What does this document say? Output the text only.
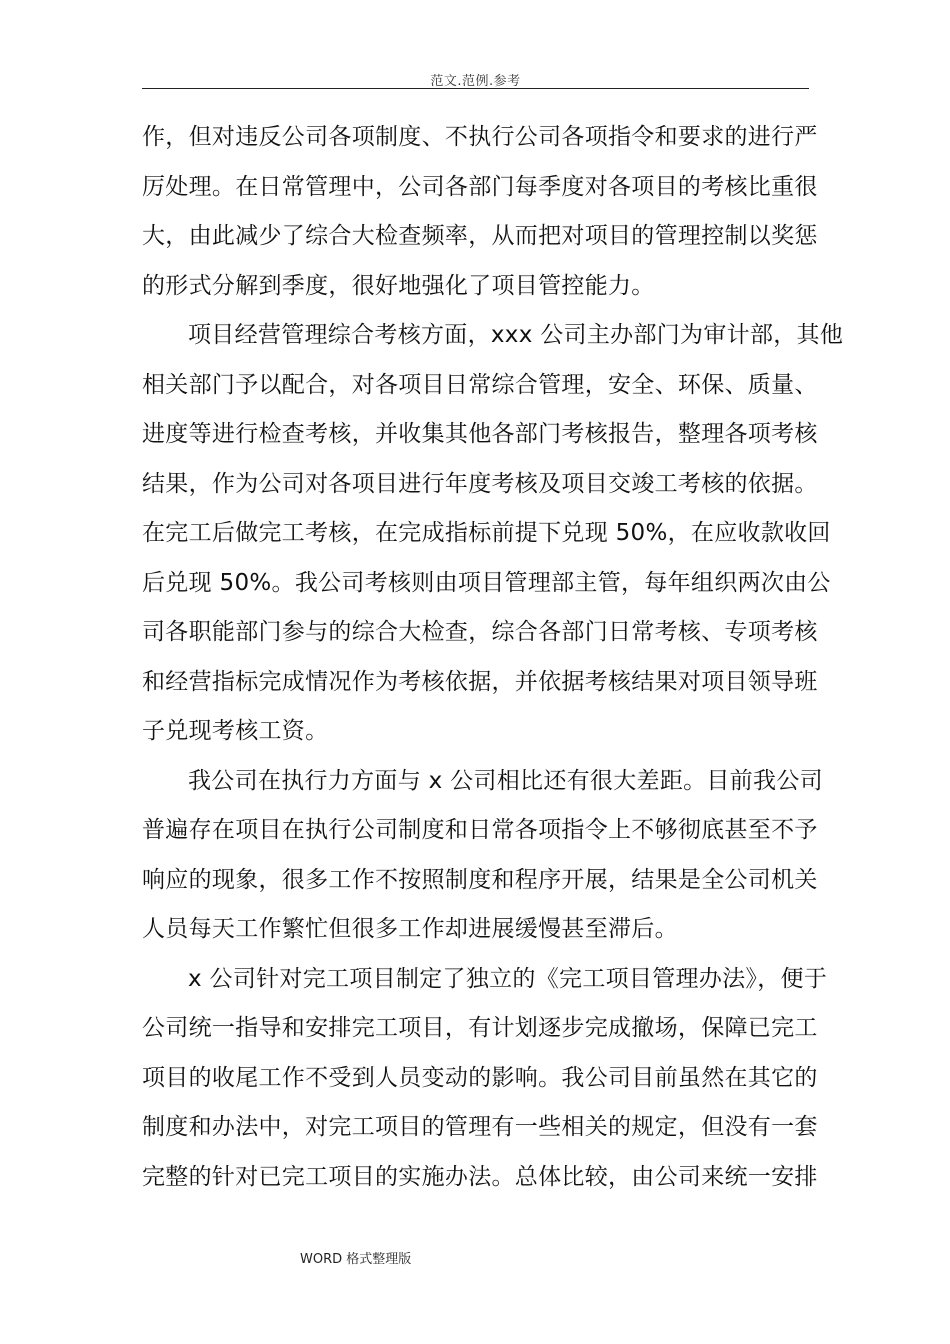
范文.范例.参考
作，但对违反公司各项制度、不执行公司各项指令和要求的进行严
厉处理。在日常管理中，公司各部门每季度对各项目的考核比重很
大，由此减少了综合大检查频率，从而把对项目的管理控制以奖惩
的形式分解到季度，很好地强化了项目管控能力。
项目经营管理综合考核方面，xxx 公司主办部门为审计部，其他
相关部门予以配合，对各项目日常综合管理，安全、环保、质量、
进度等进行检查考核，并收集其他各部门考核报告，整理各项考核
结果，作为公司对各项目进行年度考核及项目交竣工考核的依据。
在完工后做完工考核，在完成指标前提下兑现 50%，在应收款收回
后兑现 50%。我公司考核则由项目管理部主管，每年组织两次由公
司各职能部门参与的综合大检查，综合各部门日常考核、专项考核
和经营指标完成情况作为考核依据，并依据考核结果对项目领导班
子兑现考核工资。
我公司在执行力方面与 x 公司相比还有很大差距。目前我公司
普遍存在项目在执行公司制度和日常各项指令上不够彻底甚至不予
响应的现象，很多工作不按照制度和程序开展，结果是全公司机关
人员每天工作繁忙但很多工作却进展缓慢甚至滞后。
x 公司针对完工项目制定了独立的《完工项目管理办法》，便于
公司统一指导和安排完工项目，有计划逐步完成撤场，保障已完工
项目的收尾工作不受到人员变动的影响。我公司目前虽然在其它的
制度和办法中，对完工项目的管理有一些相关的规定，但没有一套
完整的针对已完工项目的实施办法。总体比较，由公司来统一安排
WORD 格式整理版
